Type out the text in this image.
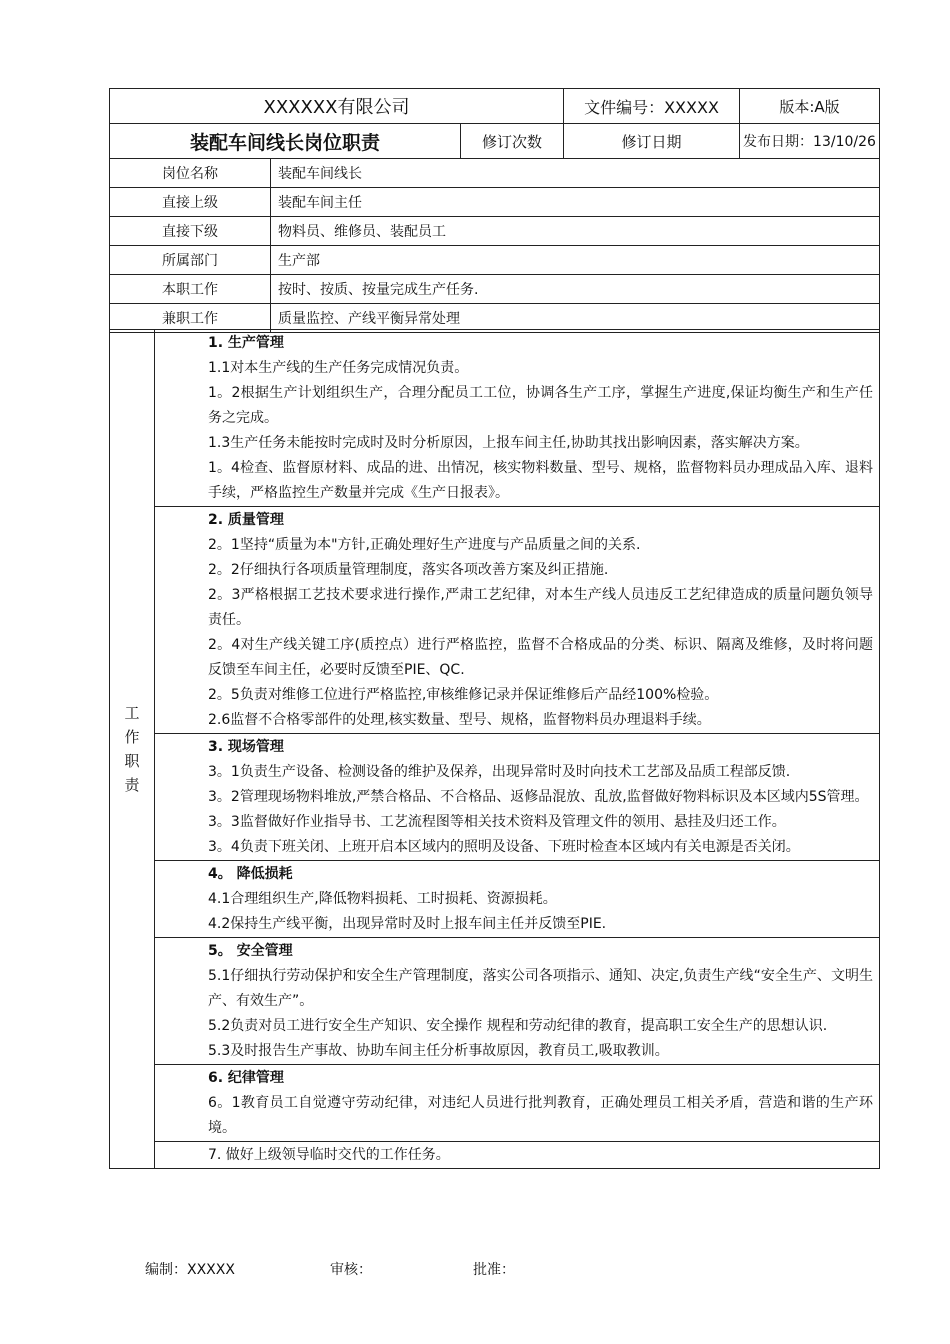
XXXXXX有限公司		文件编号：XXXXX	版本:A版
装配车间线长岗位职责	修订次数	修订日期	发布日期：13/10/26
岗位名称	装配车间线长
直接上级	装配车间主任
直接下级	物料员、维修员、装配员工
所属部门	生产部
本职工作	按时、按质、按量完成生产任务.
兼职工作	质量监控、产线平衡异常处理
工
作
职
责

1. 生产管理
1.1对本生产线的生产任务完成情况负责。
1。2根据生产计划组织生产，合理分配员工工位，协调各生产工序，掌握生产进度,保证均衡生产和生产任务之完成。
1.3生产任务未能按时完成时及时分析原因，上报车间主任,协助其找出影响因素，落实解决方案。
1。4检查、监督原材料、成品的进、出情况，核实物料数量、型号、规格，监督物料员办理成品入库、退料手续，严格监控生产数量并完成《生产日报表》。

2. 质量管理
2。1坚持“质量为本"方针,正确处理好生产进度与产品质量之间的关系.
2。2仔细执行各项质量管理制度，落实各项改善方案及纠正措施.
2。3严格根据工艺技术要求进行操作,严肃工艺纪律，对本生产线人员违反工艺纪律造成的质量问题负领导责任。
2。4对生产线关键工序(质控点）进行严格监控，监督不合格成品的分类、标识、隔离及维修，及时将问题反馈至车间主任，必要时反馈至PIE、QC.
2。5负责对维修工位进行严格监控,审核维修记录并保证维修后产品经100%检验。
2.6监督不合格零部件的处理,核实数量、型号、规格，监督物料员办理退料手续。

3. 现场管理
3。1负责生产设备、检测设备的维护及保养，出现异常时及时向技术工艺部及品质工程部反馈.
3。2管理现场物料堆放,严禁合格品、不合格品、返修品混放、乱放,监督做好物料标识及本区域内5S管理。
3。3监督做好作业指导书、工艺流程图等相关技术资料及管理文件的领用、悬挂及归还工作。
3。4负责下班关闭、上班开启本区域内的照明及设备、下班时检查本区域内有关电源是否关闭。

4。 降低损耗
4.1合理组织生产,降低物料损耗、工时损耗、资源损耗。
4.2保持生产线平衡，出现异常时及时上报车间主任并反馈至PIE.

5。 安全管理
5.1仔细执行劳动保护和安全生产管理制度，落实公司各项指示、通知、决定,负责生产线“安全生产、文明生产、有效生产”。
5.2负责对员工进行安全生产知识、安全操作 规程和劳动纪律的教育，提高职工安全生产的思想认识.
5.3及时报告生产事故、协助车间主任分析事故原因，教育员工,吸取教训。

6. 纪律管理
6。1教育员工自觉遵守劳动纪律，对违纪人员进行批判教育，正确处理员工相关矛盾，营造和谐的生产环境。

7. 做好上级领导临时交代的工作任务。
编制：XXXXX	审核：	批准：
